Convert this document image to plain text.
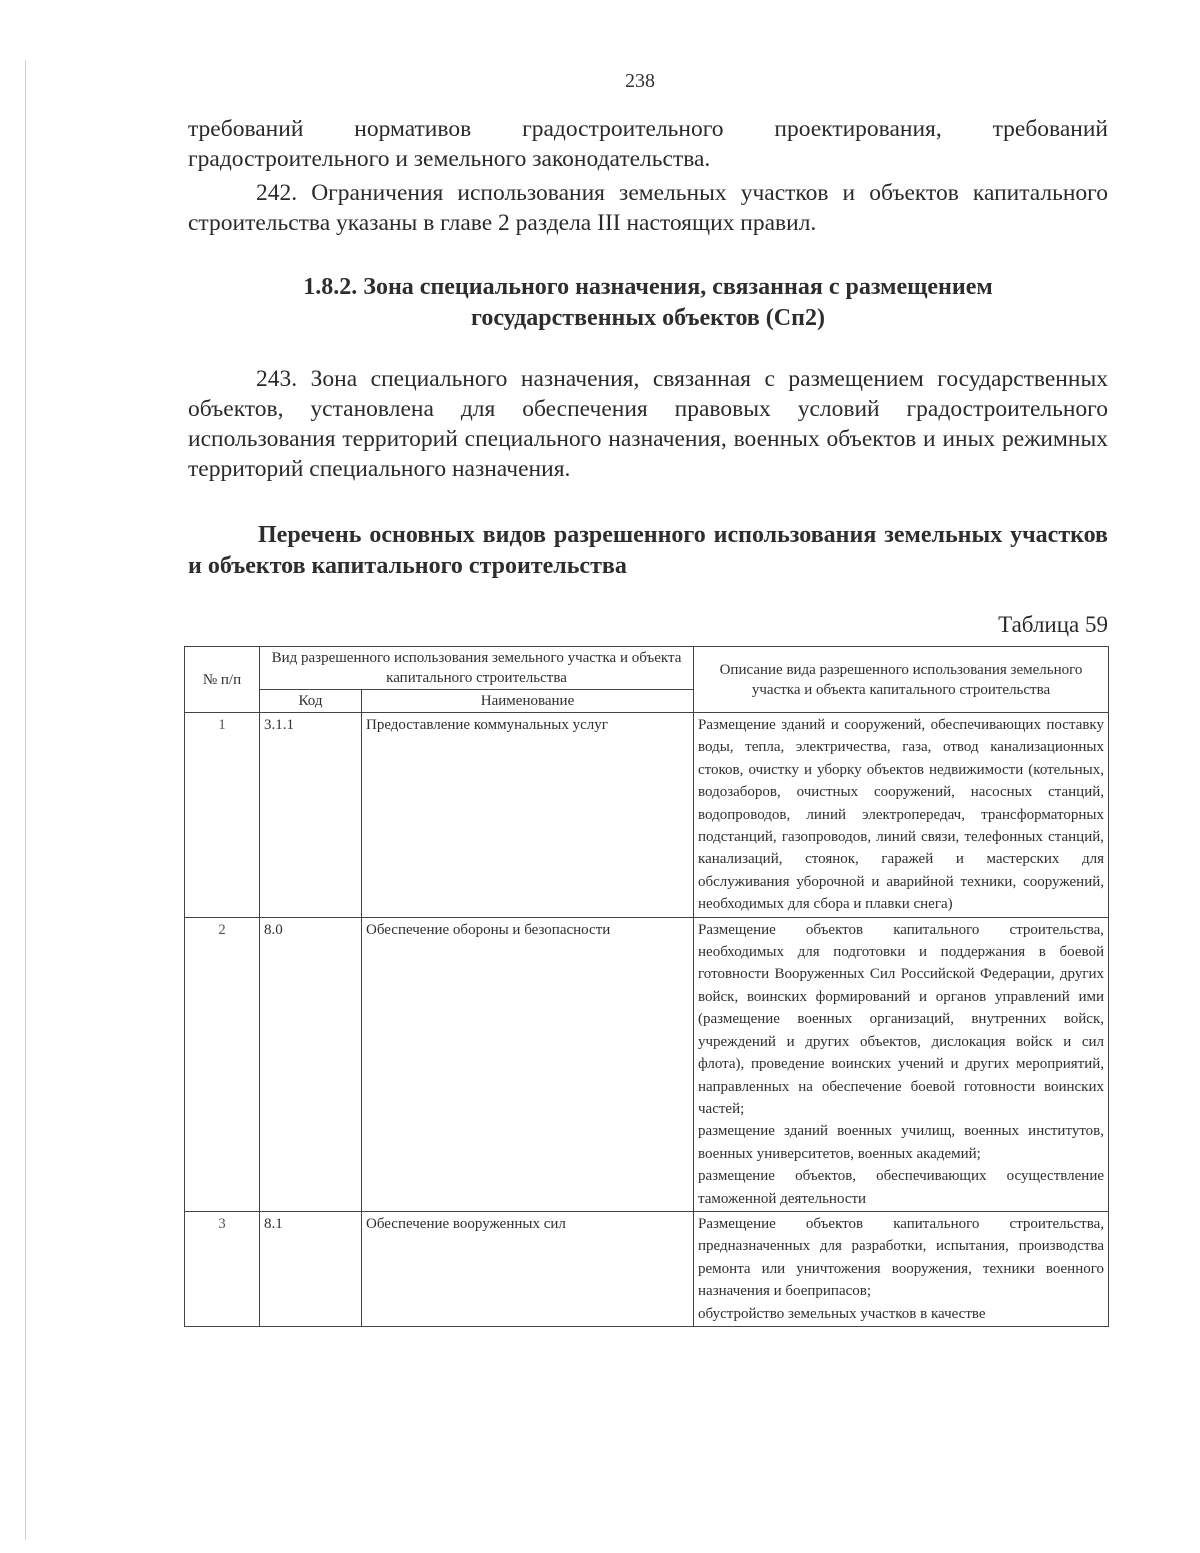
238

требований нормативов градостроительного проектирования, требований градостроительного и земельного законодательства.

242. Ограничения использования земельных участков и объектов капитального строительства указаны в главе 2 раздела III настоящих правил.

1.8.2. Зона специального назначения, связанная с размещением
государственных объектов (Сп2)

243. Зона специального назначения, связанная с размещением государственных объектов, установлена для обеспечения правовых условий градостроительного использования территорий специального назначения, военных объектов и иных режимных территорий специального назначения.

Перечень основных видов разрешенного использования земельных участков и объектов капитального строительства

Таблица 59
№ п/п	Вид разрешенного использования земельного участка и объекта капитального строительства		Описание вида разрешенного использования земельного участка и объекта капитального строительства
	Код	Наименование	
1	3.1.1	Предоставление коммунальных услуг	Размещение зданий и сооружений, обеспечивающих поставку воды, тепла, электричества, газа, отвод канализационных стоков, очистку и уборку объектов недвижимости (котельных, водозаборов, очистных сооружений, насосных станций, водопроводов, линий электропередач, трансформаторных подстанций, газопроводов, линий связи, телефонных станций, канализаций, стоянок, гаражей и мастерских для обслуживания уборочной и аварийной техники, сооружений, необходимых для сбора и плавки снега)

2	8.0	Обеспечение обороны и безопасности	Размещение объектов капитального строительства, необходимых для подготовки и поддержания в боевой готовности Вооруженных Сил Российской Федерации, других войск, воинских формирований и органов управлений ими (размещение военных организаций, внутренних войск, учреждений и других объектов, дислокация войск и сил флота), проведение воинских учений и других мероприятий, направленных на обеспечение боевой готовности воинских частей;
размещение зданий военных училищ, военных институтов, военных университетов, военных академий;
размещение объектов, обеспечивающих осуществление таможенной деятельности

3	8.1	Обеспечение вооруженных сил	Размещение объектов капитального строительства, предназначенных для разработки, испытания, производства ремонта или уничтожения вооружения, техники военного назначения и боеприпасов;
обустройство земельных участков в качестве
